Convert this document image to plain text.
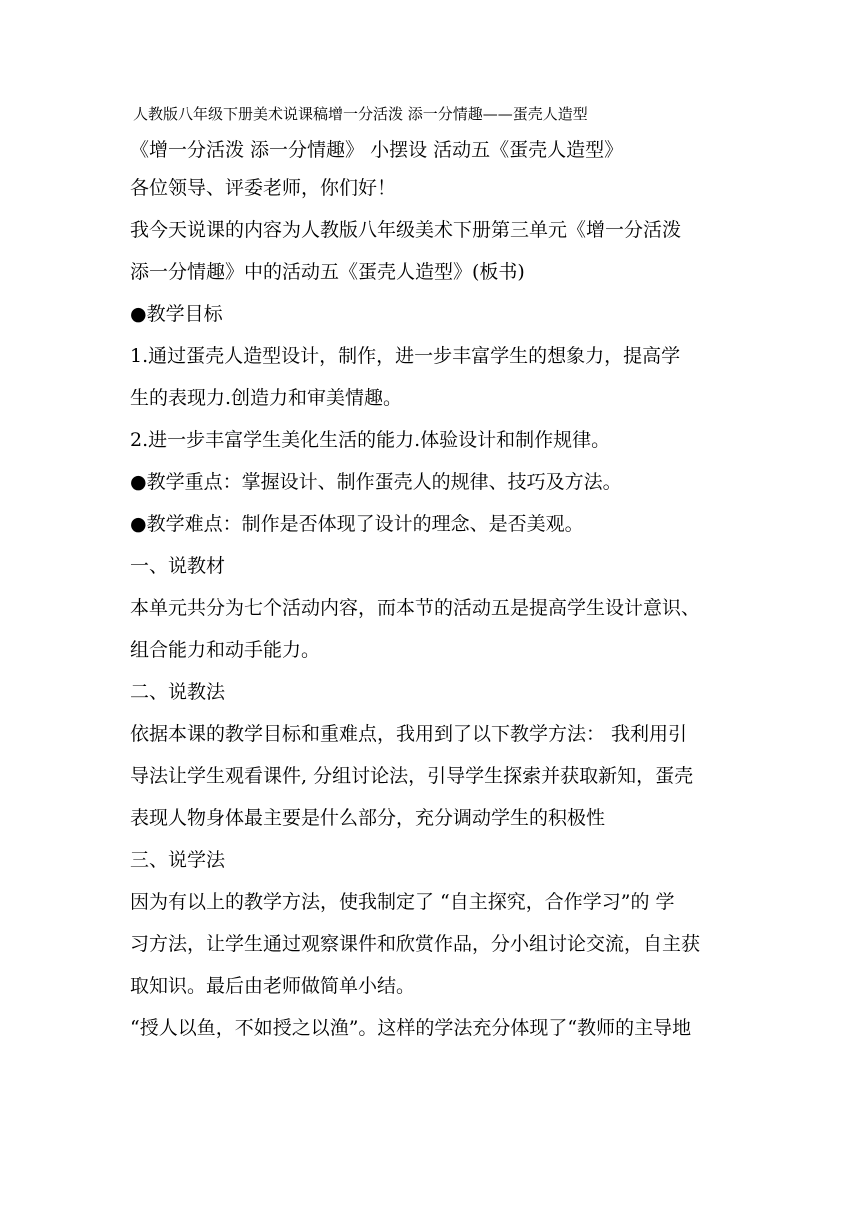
人教版八年级下册美术说课稿增一分活泼 添一分情趣——蛋壳人造型

《增一分活泼 添一分情趣》 小摆设 活动五《蛋壳人造型》

各位领导、评委老师，你们好！

我今天说课的内容为人教版八年级美术下册第三单元《增一分活泼

添一分情趣》中的活动五《蛋壳人造型》(板书)

●教学目标

1.通过蛋壳人造型设计，制作，进一步丰富学生的想象力，提高学

生的表现力.创造力和审美情趣。

2.进一步丰富学生美化生活的能力.体验设计和制作规律。

●教学重点：掌握设计、制作蛋壳人的规律、技巧及方法。

●教学难点：制作是否体现了设计的理念、是否美观。

一、说教材

本单元共分为七个活动内容，而本节的活动五是提高学生设计意识、

组合能力和动手能力。

二、说教法

依据本课的教学目标和重难点，我用到了以下教学方法： 我利用引

导法让学生观看课件, 分组讨论法，引导学生探索并获取新知，蛋壳

表现人物身体最主要是什么部分，充分调动学生的积极性

三、说学法

因为有以上的教学方法，使我制定了 “自主探究，合作学习”的 学

习方法，让学生通过观察课件和欣赏作品，分小组讨论交流，自主获

取知识。最后由老师做简单小结。

“授人以鱼，不如授之以渔”。这样的学法充分体现了“教师的主导地
